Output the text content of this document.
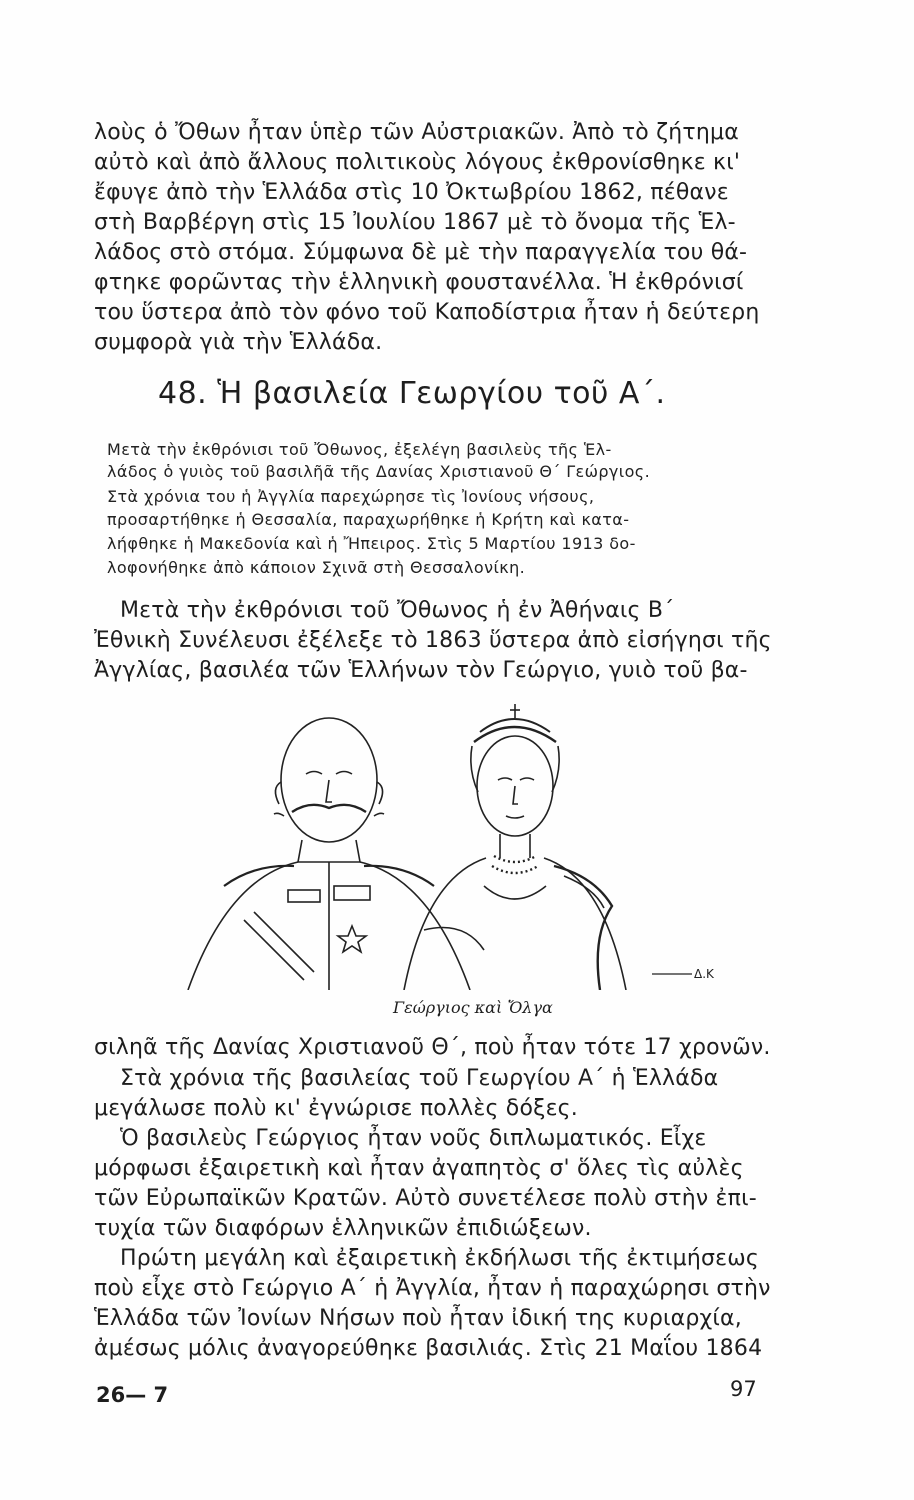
λοὺς ὁ Ὄθων ἦταν ὑπὲρ τῶν Αὐστριακῶν. Ἀπὸ τὸ ζήτημα
αὐτὸ καὶ ἀπὸ ἄλλους πολιτικοὺς λόγους ἐκθρονίσθηκε κι'
ἔφυγε ἀπὸ τὴν Ἑλλάδα στὶς 10 Ὀκτωβρίου 1862, πέθανε
στὴ Βαρβέργη στὶς 15 Ἰουλίου 1867 μὲ τὸ ὄνομα τῆς Ἑλ-
λάδος στὸ στόμα. Σύμφωνα δὲ μὲ τὴν παραγγελία του θά-
φτηκε φορῶντας τὴν ἑλληνικὴ φουστανέλλα. Ἡ ἐκθρόνισί
του ὕστερα ἀπὸ τὸν φόνο τοῦ Καποδίστρια ἦταν ἡ δεύτερη
συμφορὰ γιὰ τὴν Ἑλλάδα.
48. Ἡ βασιλεία Γεωργίου τοῦ Α΄.
Μετὰ τὴν ἐκθρόνισι τοῦ Ὄθωνος, ἐξελέγη βασιλεὺς τῆς Ἑλ-
λάδος ὁ γυιὸς τοῦ βασιλῆᾶ τῆς Δανίας Χριστιανοῦ Θ΄ Γεώργιος.
Στὰ χρόνια του ἡ Ἀγγλία παρεχώρησε τὶς Ἰονίους νήσους,
προσαρτήθηκε ἡ Θεσσαλία, παραχωρήθηκε ἡ Κρήτη καὶ κατα-
λήφθηκε ἡ Μακεδονία καὶ ἡ Ἤπειρος. Στὶς 5 Μαρτίου 1913 δο-
λοφονήθηκε ἀπὸ κάποιον Σχινᾶ στὴ Θεσσαλονίκη.
Μετὰ τὴν ἐκθρόνισι τοῦ Ὄθωνος ἡ ἐν Ἀθήναις Β΄
Ἐθνικὴ Συνέλευσι ἐξέλεξε τὸ 1863 ὕστερα ἀπὸ εἰσήγησι τῆς
Ἀγγλίας, βασιλέα τῶν Ἑλλήνων τὸν Γεώργιο, γυιὸ τοῦ βα-
Δ.Κ
Γεώργιος καὶ Ὄλγα
σιληᾶ τῆς Δανίας Χριστιανοῦ Θ΄, ποὺ ἦταν τότε 17 χρονῶν.
Στὰ χρόνια τῆς βασιλείας τοῦ Γεωργίου Α΄ ἡ Ἑλλάδα
μεγάλωσε πολὺ κι' ἐγνώρισε πολλὲς δόξες.
Ὁ βασιλεὺς Γεώργιος ἦταν νοῦς διπλωματικός. Εἶχε
μόρφωσι ἐξαιρετικὴ καὶ ἦταν ἀγαπητὸς σ' ὅλες τὶς αὐλὲς
τῶν Εὐρωπαϊκῶν Κρατῶν. Αὐτὸ συνετέλεσε πολὺ στὴν ἐπι-
τυχία τῶν διαφόρων ἑλληνικῶν ἐπιδιώξεων.
Πρώτη μεγάλη καὶ ἐξαιρετικὴ ἐκδήλωσι τῆς ἐκτιμήσεως
ποὺ εἶχε στὸ Γεώργιο Α΄ ἡ Ἀγγλία, ἦταν ἡ παραχώρησι στὴν
Ἑλλάδα τῶν Ἰονίων Νήσων ποὺ ἦταν ἰδική της κυριαρχία,
ἀμέσως μόλις ἀναγορεύθηκε βασιλιάς. Στὶς 21 Μαΐου 1864
26— 7	97
